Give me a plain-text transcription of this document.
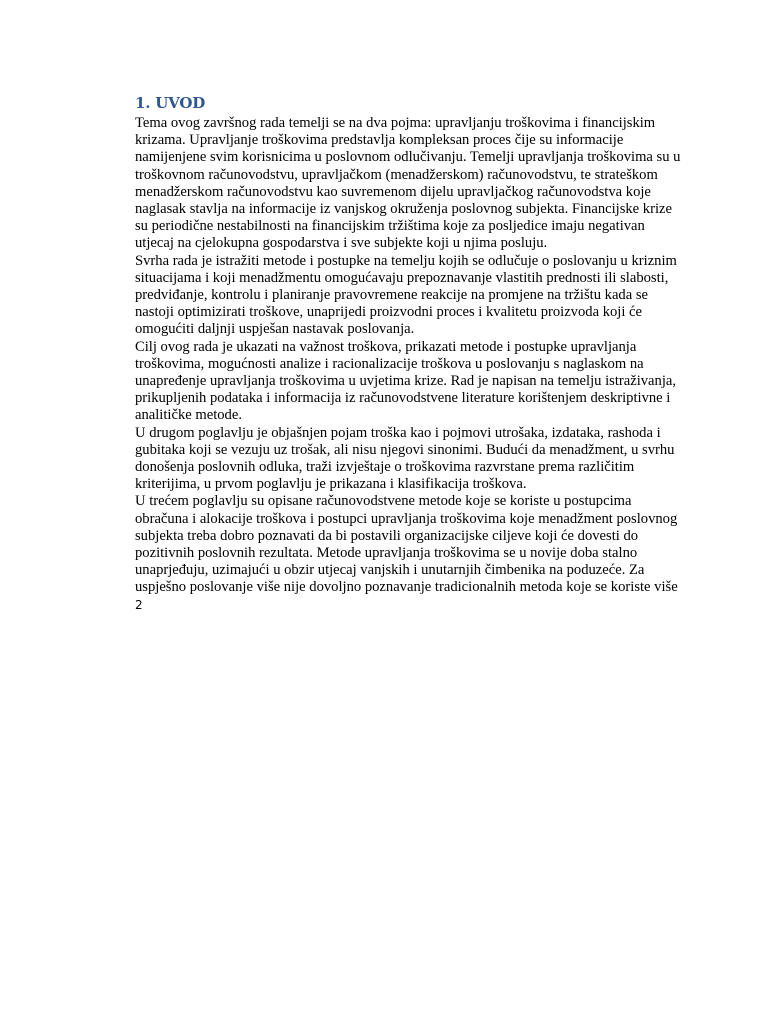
1. UVOD

Tema ovog završnog rada temelji se na dva pojma: upravljanju troškovima i financijskim krizama. Upravljanje troškovima predstavlja kompleksan proces čije su informacije namijenjene svim korisnicima u poslovnom odlučivanju. Temelji upravljanja troškovima su u troškovnom računovodstvu, upravljačkom (menadžerskom) računovodstvu, te strateškom menadžerskom računovodstvu kao suvremenom dijelu upravljačkog računovodstva koje naglasak stavlja na informacije iz vanjskog okruženja poslovnog subjekta. Financijske krize su periodične nestabilnosti na financijskim tržištima koje za posljedice imaju negativan utjecaj na cjelokupna gospodarstva i sve subjekte koji u njima posluju.

Svrha rada je istražiti metode i postupke na temelju kojih se odlučuje o poslovanju u kriznim situacijama i koji menadžmentu omogućavaju prepoznavanje vlastitih prednosti ili slabosti, predviđanje, kontrolu i planiranje pravovremene reakcije na promjene na tržištu kada se nastoji optimizirati troškove, unaprijedi proizvodni proces i kvalitetu proizvoda koji će omogućiti daljnji uspješan nastavak poslovanja.

Cilj ovog rada je ukazati na važnost troškova, prikazati metode i postupke upravljanja troškovima, mogućnosti analize i racionalizacije troškova u poslovanju s naglaskom na unapređenje upravljanja troškovima u uvjetima krize. Rad je napisan na temelju istraživanja, prikupljenih podataka i informacija iz računovodstvene literature korištenjem deskriptivne i analitičke metode.

U drugom poglavlju je objašnjen pojam troška kao i pojmovi utrošaka, izdataka, rashoda i gubitaka koji se vezuju uz trošak, ali nisu njegovi sinonimi. Budući da menadžment, u svrhu donošenja poslovnih odluka, traži izvještaje o troškovima razvrstane prema različitim kriterijima, u prvom poglavlju je prikazana i klasifikacija troškova.

U trećem poglavlju su opisane računovodstvene metode koje se koriste u postupcima obračuna i alokacije troškova i postupci upravljanja troškovima koje menadžment poslovnog subjekta treba dobro poznavati da bi postavili organizacijske ciljeve koji će dovesti do pozitivnih poslovnih rezultata. Metode upravljanja troškovima se u novije doba stalno unaprjeđuju, uzimajući u obzir utjecaj vanjskih i unutarnjih čimbenika na poduzeće. Za uspješno poslovanje više nije dovoljno poznavanje tradicionalnih metoda koje se koriste više

2
